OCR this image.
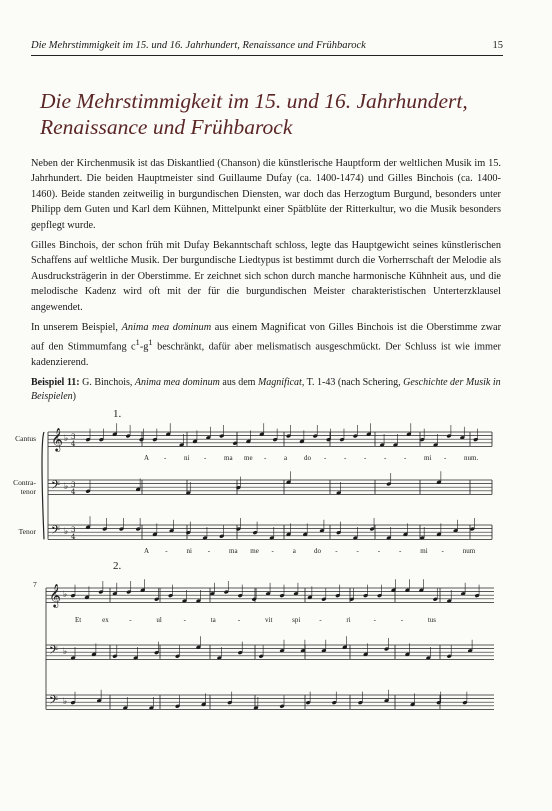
Die Mehrstimmigkeit im 15. und 16. Jahrhundert, Renaissance und Frühbarock	15
Die Mehrstimmigkeit im 15. und 16. Jahrhundert,
Renaissance und Frühbarock

Neben der Kirchenmusik ist das Diskantlied (Chanson) die künstlerische Hauptform der weltlichen Musik im 15. Jahrhundert. Die beiden Hauptmeister sind Guillaume Dufay (ca. 1400-1474) und Gilles Binchois (ca. 1400-1460). Beide standen zeitweilig in burgundischen Diensten, war doch das Herzogtum Burgund, besonders unter Philipp dem Guten und Karl dem Kühnen, Mittelpunkt einer Spätblüte der Ritterkultur, wo die Musik besonders gepflegt wurde.

Gilles Binchois, der schon früh mit Dufay Bekanntschaft schloss, legte das Hauptgewicht seines künstlerischen Schaffens auf weltliche Musik. Der burgundische Liedtypus ist bestimmt durch die Vorherrschaft der Melodie als Ausdrucksträgerin in der Oberstimme. Er zeichnet sich schon durch manche harmonische Kühnheit aus, und die melodische Kadenz wird oft mit der für die burgundischen Meister charakteristischen Unterterzklausel angewendet.

In unserem Beispiel, Anima mea dominum aus einem Magnificat von Gilles Binchois ist die Oberstimme zwar auf den Stimmumfang $c^1-g^1$ beschränkt, dafür aber melismatisch ausgeschmückt. Der Schluss ist wie immer kadenzierend.

Beispiel 11: G. Binchois, Anima mea dominum aus dem Magnificat, T. 1-43 (nach Schering, Geschichte der Musik in Beispielen)

1.
2.
7
Cantus
Contra-
tenor
Tenor
𝄞
𝄢
𝄢
𝄞
𝄢
𝄢
♭ 3
4
♭ 3
4
♭ 3
4
♭
♭
♭
A -	ni -	ma me -	a do -	-	-	-	-	mi -	num.
A -	ni -	ma me -	a	do -	-	-	-	mi -	num
Et	ex	-	ul	-	ta	-	vit	spi	-	ri	-	-	tus
